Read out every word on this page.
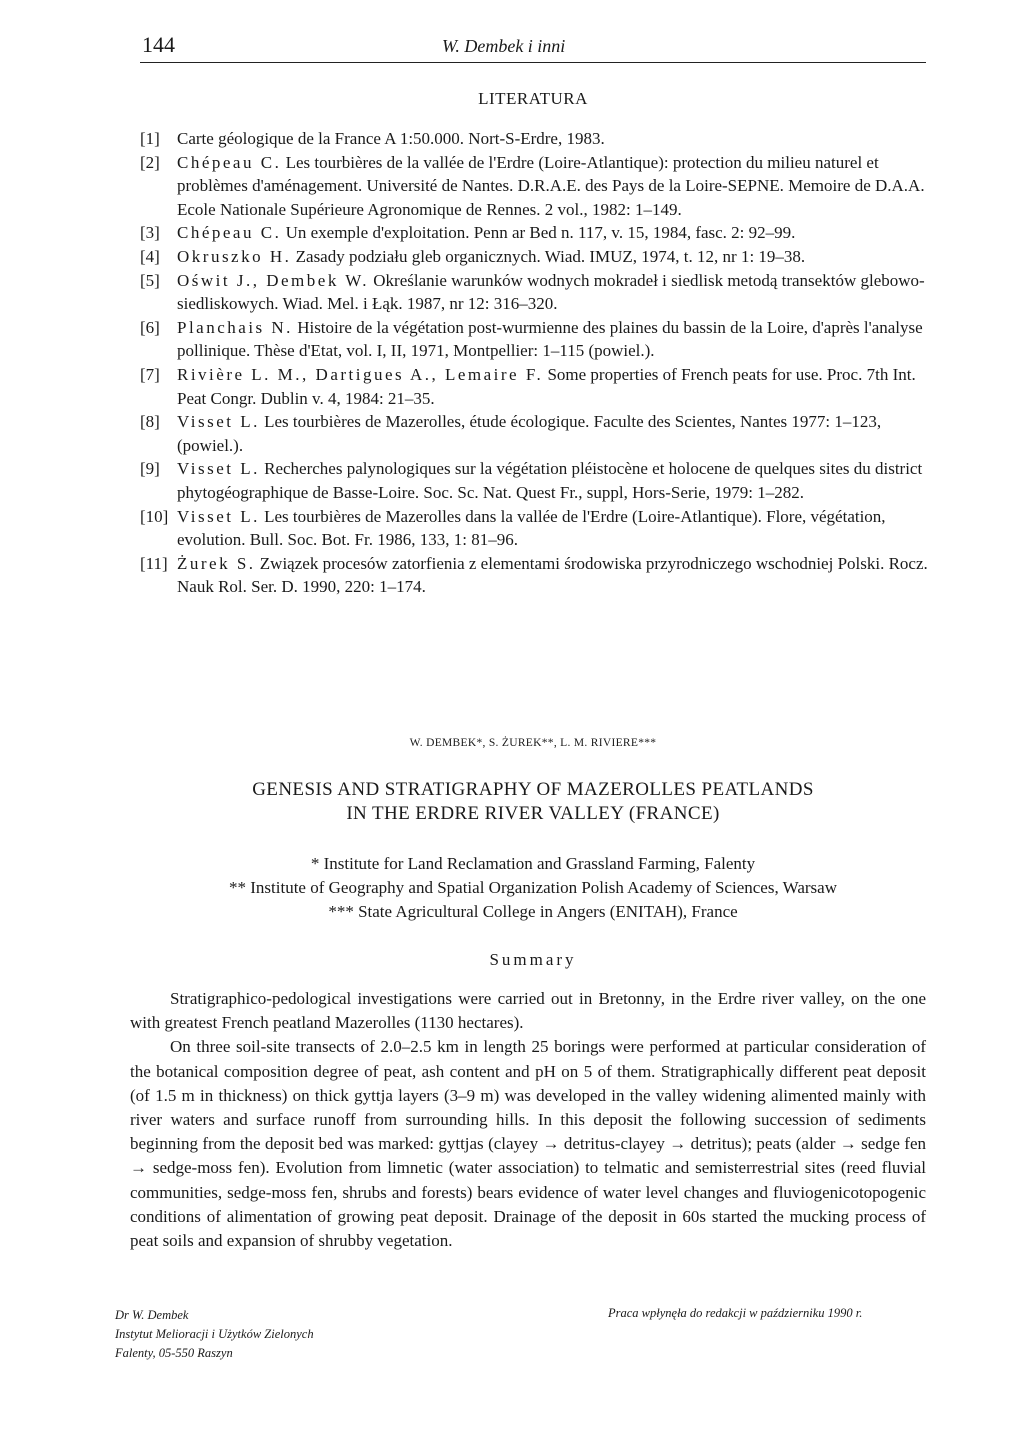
144	W. Dembek i inni
LITERATURA
[1] Carte géologique de la France A 1:50.000. Nort-S-Erdre, 1983.
[2] Chépeau C. Les tourbières de la vallée de l'Erdre (Loire-Atlantique): protection du milieu naturel et problèmes d'aménagement. Université de Nantes. D.R.A.E. des Pays de la Loire-SEPNE. Memoire de D.A.A. Ecole Nationale Supérieure Agronomique de Rennes. 2 vol., 1982: 1–149.
[3] Chépeau C. Un exemple d'exploitation. Penn ar Bed n. 117, v. 15, 1984, fasc. 2: 92–99.
[4] Okruszko H. Zasady podziału gleb organicznych. Wiad. IMUZ, 1974, t. 12, nr 1: 19–38.
[5] Oświt J., Dembek W. Określanie warunków wodnych mokradeł i siedlisk metodą transektów glebowo-siedliskowych. Wiad. Mel. i Łąk. 1987, nr 12: 316–320.
[6] Planchais N. Histoire de la végétation post-wurmienne des plaines du bassin de la Loire, d'après l'analyse pollinique. Thèse d'Etat, vol. I, II, 1971, Montpellier: 1–115 (powiel.).
[7] Rivière L. M., Dartigues A., Lemaire F. Some properties of French peats for use. Proc. 7th Int. Peat Congr. Dublin v. 4, 1984: 21–35.
[8] Visset L. Les tourbières de Mazerolles, étude écologique. Faculte des Scientes, Nantes 1977: 1–123, (powiel.).
[9] Visset L. Recherches palynologiques sur la végétation pléistocène et holocene de quelques sites du district phytogéographique de Basse-Loire. Soc. Sc. Nat. Quest Fr., suppl, Hors-Serie, 1979: 1–282.
[10] Visset L. Les tourbières de Mazerolles dans la vallée de l'Erdre (Loire-Atlantique). Flore, végétation, evolution. Bull. Soc. Bot. Fr. 1986, 133, 1: 81–96.
[11] Żurek S. Związek procesów zatorfienia z elementami środowiska przyrodniczego wschodniej Polski. Rocz. Nauk Rol. Ser. D. 1990, 220: 1–174.
W. DEMBEK*, S. ŻUREK**, L. M. RIVIERE***
GENESIS AND STRATIGRAPHY OF MAZEROLLES PEATLANDS
IN THE ERDRE RIVER VALLEY (FRANCE)
* Institute for Land Reclamation and Grassland Farming, Falenty
** Institute of Geography and Spatial Organization Polish Academy of Sciences, Warsaw
*** State Agricultural College in Angers (ENITAH), France
Summary

Stratigraphico-pedological investigations were carried out in Bretonny, in the Erdre river valley, on the one with greatest French peatland Mazerolles (1130 hectares).

On three soil-site transects of 2.0–2.5 km in length 25 borings were performed at particular consideration of the botanical composition degree of peat, ash content and pH on 5 of them. Stratigraphically different peat deposit (of 1.5 m in thickness) on thick gyttja layers (3–9 m) was developed in the valley widening alimented mainly with river waters and surface runoff from surrounding hills. In this deposit the following succession of sediments beginning from the deposit bed was marked: gyttjas (clayey → detritus-clayey → detritus); peats (alder → sedge fen → sedge-moss fen). Evolution from limnetic (water association) to telmatic and semisterrestrial sites (reed fluvial communities, sedge-moss fen, shrubs and forests) bears evidence of water level changes and fluviogenicotopogenic conditions of alimentation of growing peat deposit. Drainage of the deposit in 60s started the mucking process of peat soils and expansion of shrubby vegetation.

Dr W. Dembek
Instytut Melioracji i Użytków Zielonych
Falenty, 05-550 Raszyn
Praca wpłynęła do redakcji w październiku 1990 r.
